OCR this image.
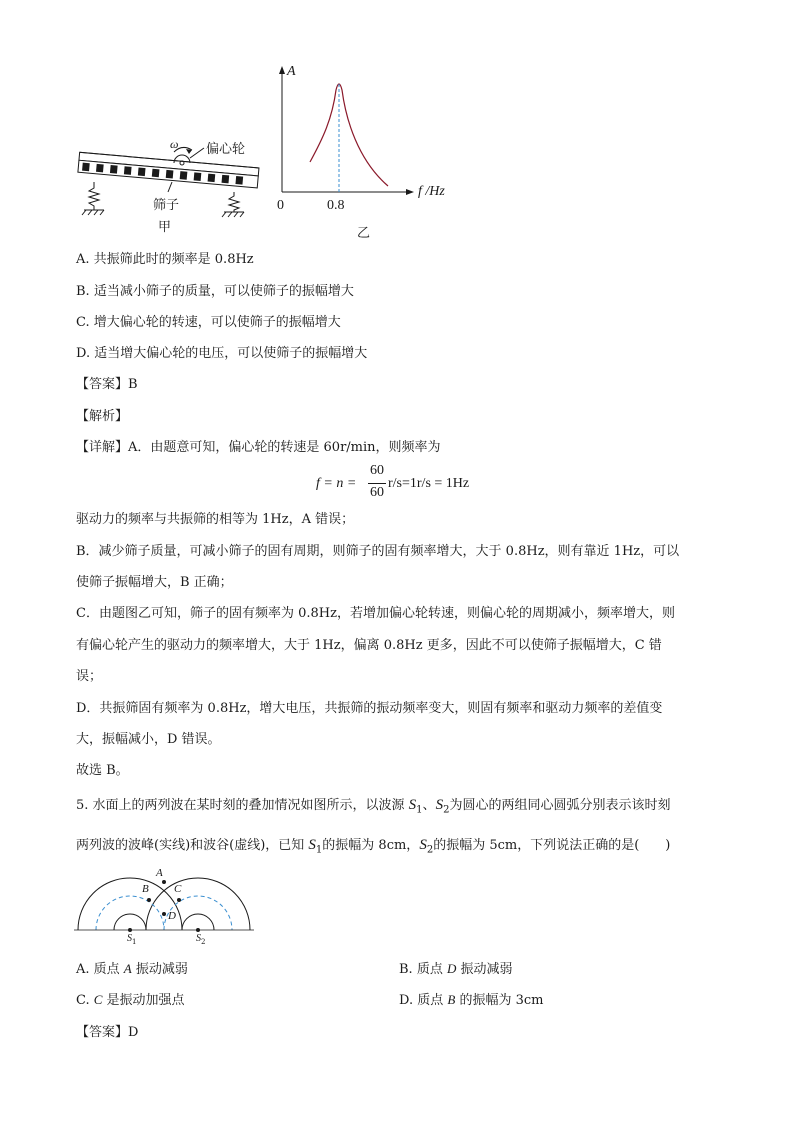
ω 偏心轮
筛子
甲
A
0	0.8
f /Hz
乙
A. 共振筛此时的频率是 0.8Hz
B. 适当减小筛子的质量，可以使筛子的振幅增大
C. 增大偏心轮的转速，可以使筛子的振幅增大
D. 适当增大偏心轮的电压，可以使筛子的振幅增大
【答案】B
【解析】
【详解】A．由题意可知，偏心轮的转速是 60r/min，则频率为
f = n =
60
60
r/s=1r/s = 1Hz
驱动力的频率与共振筛的相等为 1Hz，A 错误；
B．减少筛子质量，可减小筛子的固有周期，则筛子的固有频率增大，大于 0.8Hz，则有靠近 1Hz，可以
使筛子振幅增大，B 正确；
C．由题图乙可知，筛子的固有频率为 0.8Hz，若增加偏心轮转速，则偏心轮的周期减小，频率增大，则
有偏心轮产生的驱动力的频率增大，大于 1Hz，偏离 0.8Hz 更多，因此不可以使筛子振幅增大，C 错
误；
D．共振筛固有频率为 0.8Hz，增大电压，共振筛的振动频率变大，则固有频率和驱动力频率的差值变
大，振幅减小，D 错误。
故选 B。
5. 水面上的两列波在某时刻的叠加情况如图所示，以波源 $S_1$、$S_2$为圆心的两组同心圆弧分别表示该时刻
两列波的波峰(实线)和波谷(虚线)，已知 $S_1$的振幅为 8cm，$S_2$的振幅为 5cm，下列说法正确的是(　　)
A
B C
D
$S_1$	$S_2$
A. 质点 A 振动减弱	B. 质点 D 振动减弱
C. C 是振动加强点	D. 质点 B 的振幅为 3cm
【答案】D
